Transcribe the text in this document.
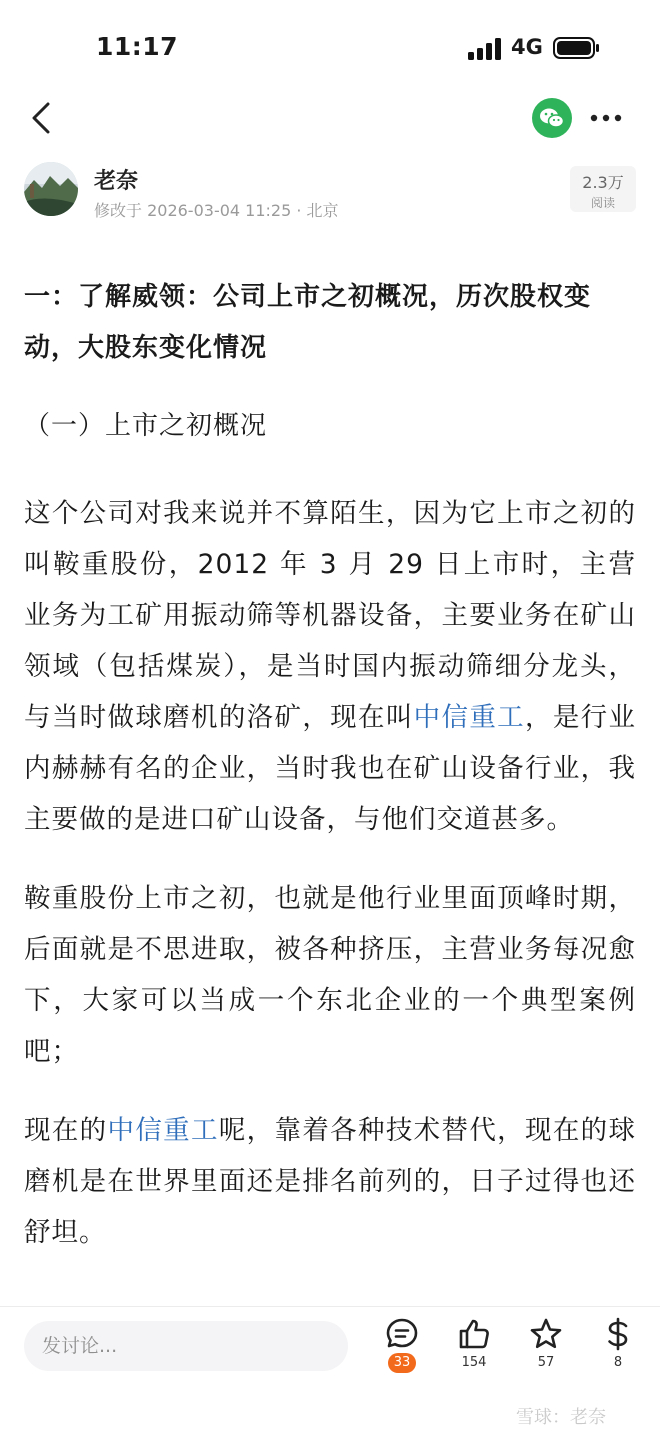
11:17	4G
老奈
修改于 2026-03-04 11:25 · 北京
2.3万
阅读
一：了解威领：公司上市之初概况，历次股权变动，大股东变化情况
（一）上市之初概况

这个公司对我来说并不算陌生，因为它上市之初的叫鞍重股份，2012 年 3 月 29 日上市时，主营业务为工矿用振动筛等机器设备，主要业务在矿山领域（包括煤炭），是当时国内振动筛细分龙头，与当时做球磨机的洛矿，现在叫中信重工，是行业内赫赫有名的企业，当时我也在矿山设备行业，我主要做的是进口矿山设备，与他们交道甚多。

鞍重股份上市之初，也就是他行业里面顶峰时期，后面就是不思进取，被各种挤压，主营业务每况愈下，大家可以当成一个东北企业的一个典型案例吧；

现在的中信重工呢，靠着各种技术替代，现在的球磨机是在世界里面还是排名前列的，日子过得也还舒坦。

发讨论...
33	154	57	8
雪球：老奈
